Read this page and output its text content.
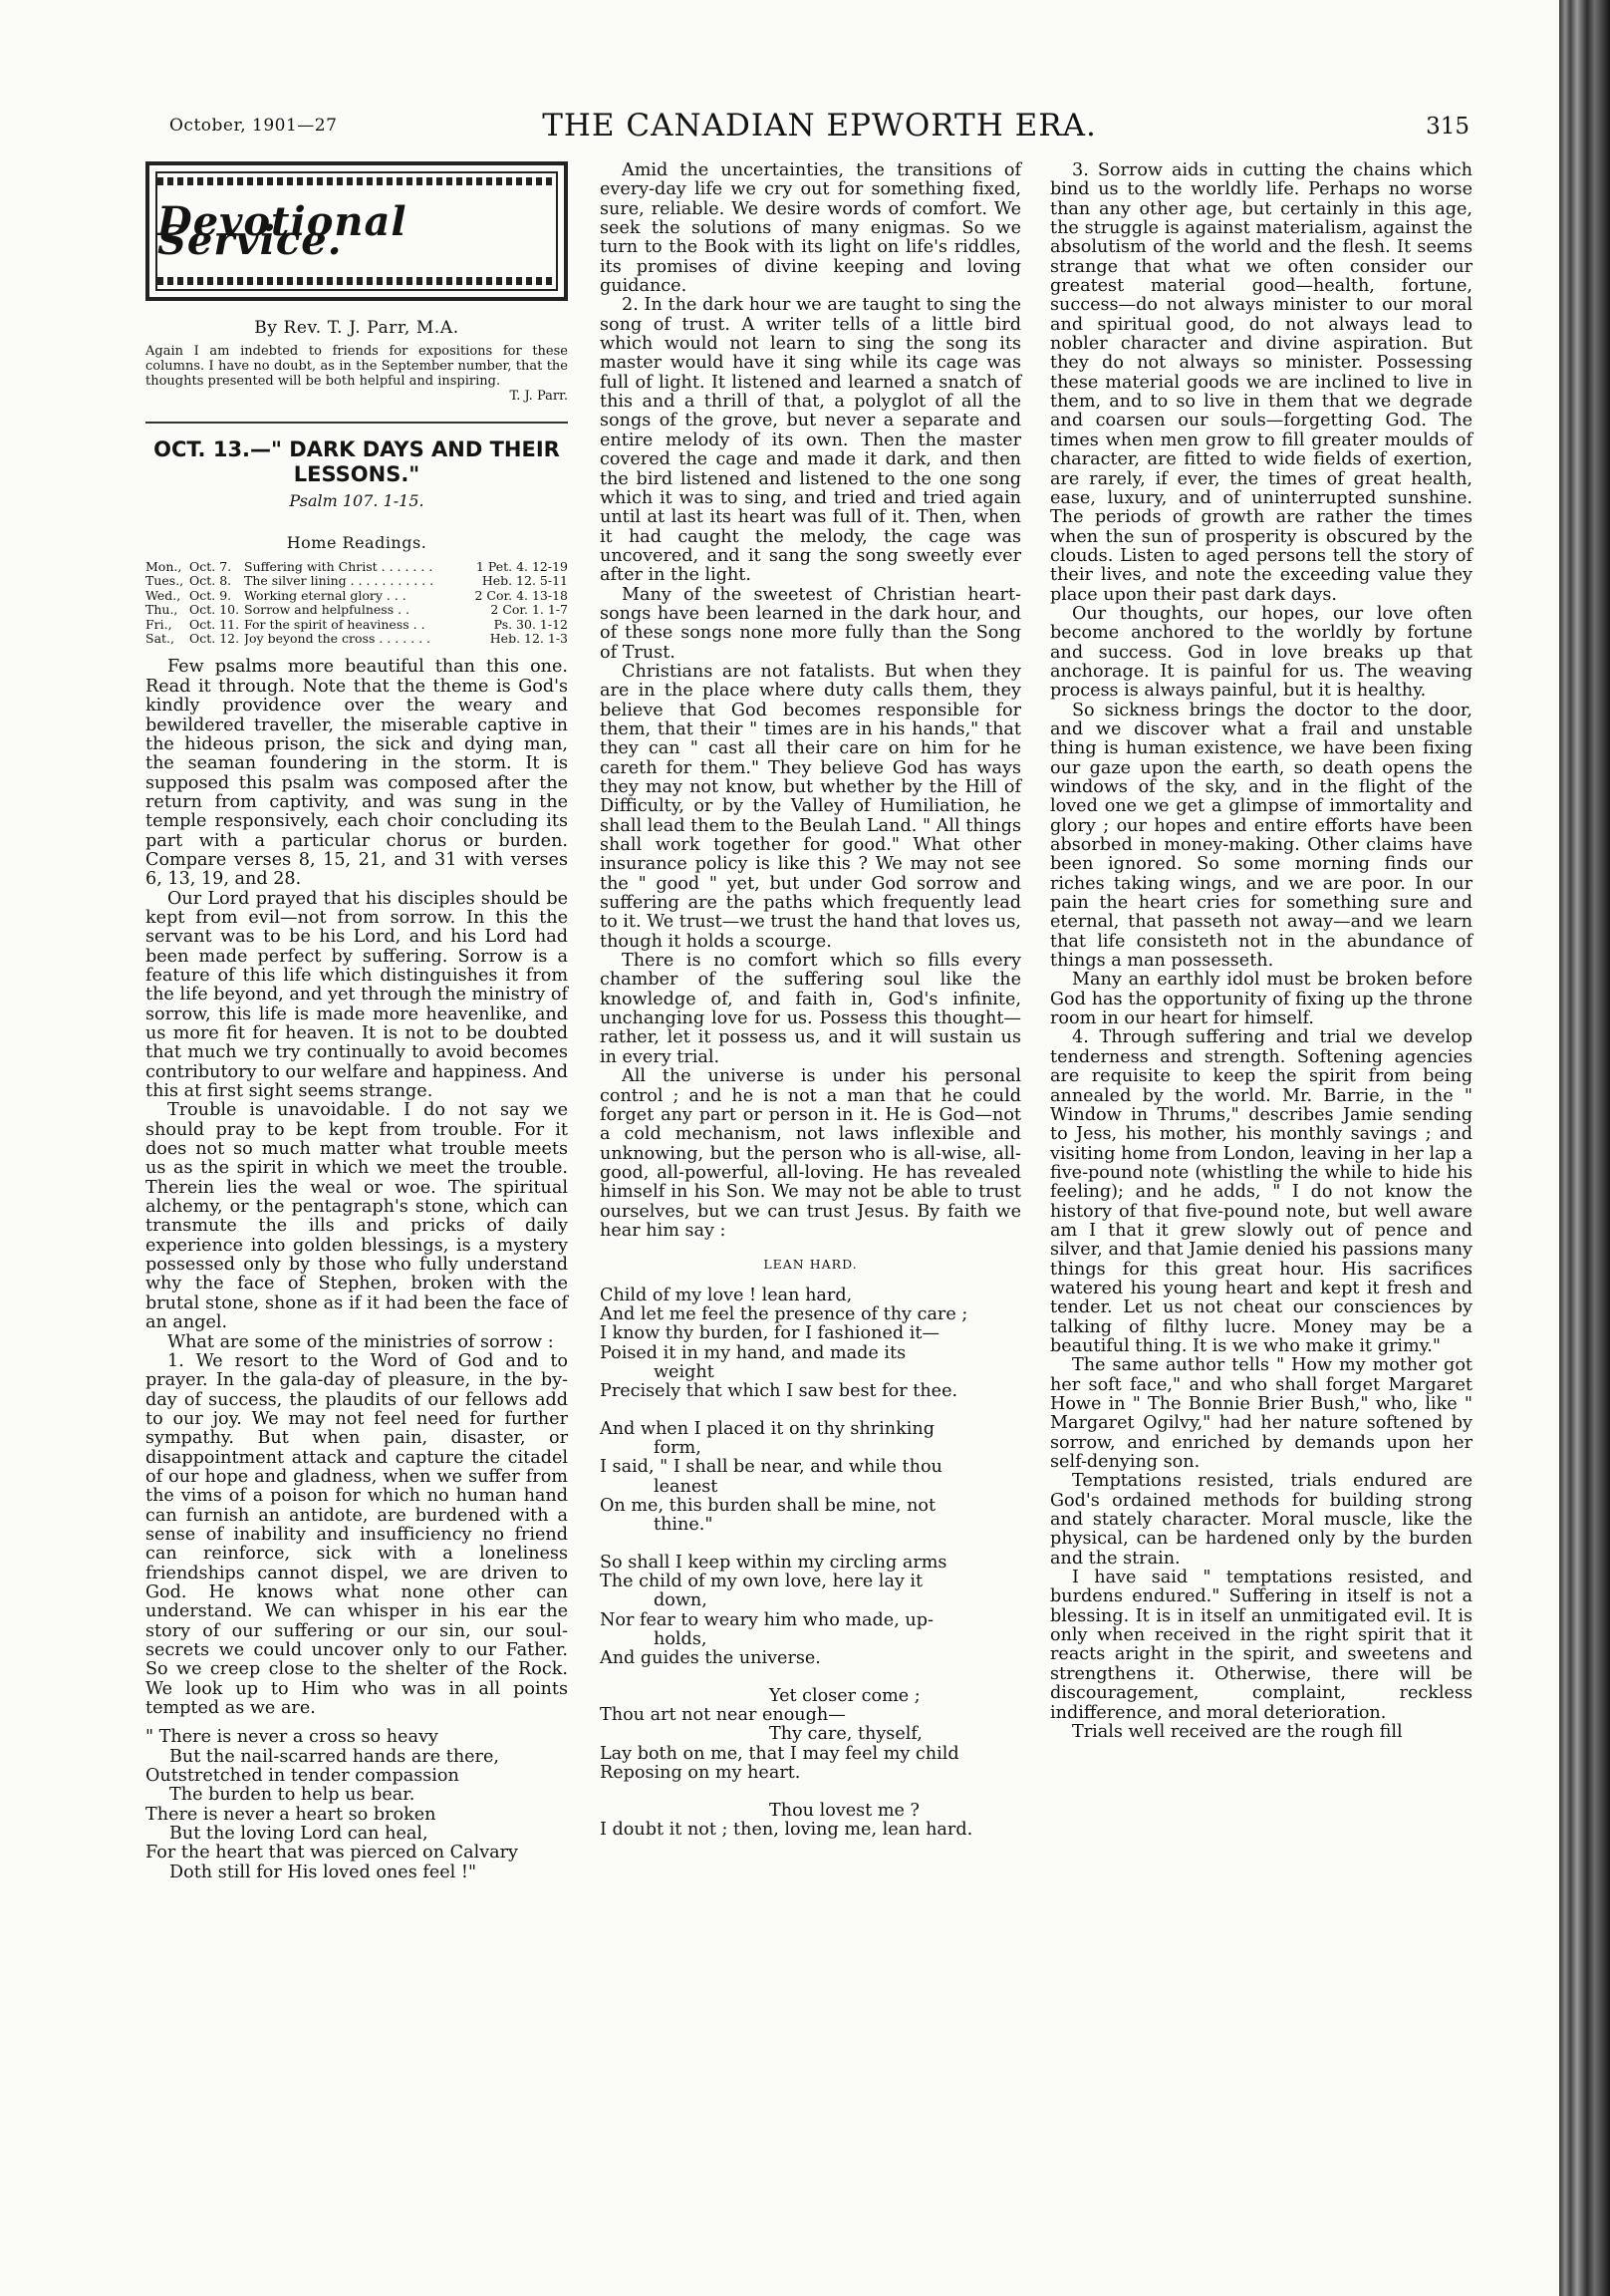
October, 1901—27	THE CANADIAN EPWORTH ERA.	315
Devotional Service.
By Rev. T. J. Parr, M.A.
Again I am indebted to friends for expositions for these columns. I have no doubt, as in the September number, that the thoughts presented will be both helpful and inspiring.
T. J. Parr.
OCT. 13.—" DARK DAYS AND THEIR LESSONS."
Psalm 107. 1-15.
Home Readings.
Mon., Oct. 7.	Suffering with Christ . . . . . . .	1 Pet. 4. 12-19
Tues., Oct. 8.	The silver lining . . . . . . . . . . .	Heb. 12. 5-11
Wed., Oct. 9.	Working eternal glory . . .	2 Cor. 4. 13-18
Thu., Oct. 10. Sorrow and helpfulness . .	2 Cor. 1. 1-7
Fri.,	Oct. 11. For the spirit of heaviness . .	Ps. 30. 1-12
Sat.,	Oct. 12. Joy beyond the cross . . . . . . .	Heb. 12. 1-3

Few psalms more beautiful than this one. Read it through. Note that the theme is God's kindly providence over the weary and bewildered traveller, the miserable captive in the hideous prison, the sick and dying man, the seaman foundering in the storm. It is supposed this psalm was composed after the return from captivity, and was sung in the temple responsively, each choir concluding its part with a particular chorus or burden. Compare verses 8, 15, 21, and 31 with verses 6, 13, 19, and 28.

Our Lord prayed that his disciples should be kept from evil—not from sorrow. In this the servant was to be his Lord, and his Lord had been made perfect by suffering. Sorrow is a feature of this life which distinguishes it from the life beyond, and yet through the ministry of sorrow, this life is made more heavenlike, and us more fit for heaven. It is not to be doubted that much we try continually to avoid becomes contributory to our welfare and happiness. And this at first sight seems strange.

Trouble is unavoidable. I do not say we should pray to be kept from trouble. For it does not so much matter what trouble meets us as the spirit in which we meet the trouble. Therein lies the weal or woe. The spiritual alchemy, or the pentagraph's stone, which can transmute the ills and pricks of daily experience into golden blessings, is a mystery possessed only by those who fully understand why the face of Stephen, broken with the brutal stone, shone as if it had been the face of an angel.

What are some of the ministries of sorrow :

1. We resort to the Word of God and to prayer. In the gala-day of pleasure, in the by-day of success, the plaudits of our fellows add to our joy. We may not feel need for further sympathy. But when pain, disaster, or disappointment attack and capture the citadel of our hope and gladness, when we suffer from the vims of a poison for which no human hand can furnish an antidote, are burdened with a sense of inability and insufficiency no friend can reinforce, sick with a loneliness friendships cannot dispel, we are driven to God. He knows what none other can understand. We can whisper in his ear the story of our suffering or our sin, our soul-secrets we could uncover only to our Father. So we creep close to the shelter of the Rock. We look up to Him who was in all points tempted as we are.

" There is never a cross so heavy
But the nail-scarred hands are there,
Outstretched in tender compassion
The burden to help us bear.
There is never a heart so broken
But the loving Lord can heal,
For the heart that was pierced on Calvary
Doth still for His loved ones feel !"

Amid the uncertainties, the transitions of every-day life we cry out for something fixed, sure, reliable. We desire words of comfort. We seek the solutions of many enigmas. So we turn to the Book with its light on life's riddles, its promises of divine keeping and loving guidance.

2. In the dark hour we are taught to sing the song of trust. A writer tells of a little bird which would not learn to sing the song its master would have it sing while its cage was full of light. It listened and learned a snatch of this and a thrill of that, a polyglot of all the songs of the grove, but never a separate and entire melody of its own. Then the master covered the cage and made it dark, and then the bird listened and listened to the one song which it was to sing, and tried and tried again until at last its heart was full of it. Then, when it had caught the melody, the cage was uncovered, and it sang the song sweetly ever after in the light.

Many of the sweetest of Christian heart-songs have been learned in the dark hour, and of these songs none more fully than the Song of Trust.

Christians are not fatalists. But when they are in the place where duty calls them, they believe that God becomes responsible for them, that their " times are in his hands," that they can " cast all their care on him for he careth for them." They believe God has ways they may not know, but whether by the Hill of Difficulty, or by the Valley of Humiliation, he shall lead them to the Beulah Land. " All things shall work together for good." What other insurance policy is like this ? We may not see the " good " yet, but under God sorrow and suffering are the paths which frequently lead to it. We trust—we trust the hand that loves us, though it holds a scourge.

There is no comfort which so fills every chamber of the suffering soul like the knowledge of, and faith in, God's infinite, unchanging love for us. Possess this thought—rather, let it possess us, and it will sustain us in every trial.

All the universe is under his personal control ; and he is not a man that he could forget any part or person in it. He is God—not a cold mechanism, not laws inflexible and unknowing, but the person who is all-wise, all-good, all-powerful, all-loving. He has revealed himself in his Son. We may not be able to trust ourselves, but we can trust Jesus. By faith we hear him say :

LEAN HARD.
Child of my love ! lean hard,
And let me feel the presence of thy care ;
I know thy burden, for I fashioned it—
Poised it in my hand, and made its
weight
Precisely that which I saw best for thee.
And when I placed it on thy shrinking
form,
I said, " I shall be near, and while thou
leanest
On me, this burden shall be mine, not
thine."
So shall I keep within my circling arms
The child of my own love, here lay it
down,
Nor fear to weary him who made, up-
holds,
And guides the universe.
Yet closer come ;
Thou art not near enough—
Thy care, thyself,
Lay both on me, that I may feel my child
Reposing on my heart.
Thou lovest me ?
I doubt it not ; then, loving me, lean hard.

3. Sorrow aids in cutting the chains which bind us to the worldly life. Perhaps no worse than any other age, but certainly in this age, the struggle is against materialism, against the absolutism of the world and the flesh. It seems strange that what we often consider our greatest material good—health, fortune, success—do not always minister to our moral and spiritual good, do not always lead to nobler character and divine aspiration. But they do not always so minister. Possessing these material goods we are inclined to live in them, and to so live in them that we degrade and coarsen our souls—forgetting God. The times when men grow to fill greater moulds of character, are fitted to wide fields of exertion, are rarely, if ever, the times of great health, ease, luxury, and of uninterrupted sunshine. The periods of growth are rather the times when the sun of prosperity is obscured by the clouds. Listen to aged persons tell the story of their lives, and note the exceeding value they place upon their past dark days.

Our thoughts, our hopes, our love often become anchored to the worldly by fortune and success. God in love breaks up that anchorage. It is painful for us. The weaving process is always painful, but it is healthy.

So sickness brings the doctor to the door, and we discover what a frail and unstable thing is human existence, we have been fixing our gaze upon the earth, so death opens the windows of the sky, and in the flight of the loved one we get a glimpse of immortality and glory ; our hopes and entire efforts have been absorbed in money-making. Other claims have been ignored. So some morning finds our riches taking wings, and we are poor. In our pain the heart cries for something sure and eternal, that passeth not away—and we learn that life consisteth not in the abundance of things a man possesseth.

Many an earthly idol must be broken before God has the opportunity of fixing up the throne room in our heart for himself.

4. Through suffering and trial we develop tenderness and strength. Softening agencies are requisite to keep the spirit from being annealed by the world. Mr. Barrie, in the " Window in Thrums," describes Jamie sending to Jess, his mother, his monthly savings ; and visiting home from London, leaving in her lap a five-pound note (whistling the while to hide his feeling); and he adds, " I do not know the history of that five-pound note, but well aware am I that it grew slowly out of pence and silver, and that Jamie denied his passions many things for this great hour. His sacrifices watered his young heart and kept it fresh and tender. Let us not cheat our consciences by talking of filthy lucre. Money may be a beautiful thing. It is we who make it grimy."

The same author tells " How my mother got her soft face," and who shall forget Margaret Howe in " The Bonnie Brier Bush," who, like " Margaret Ogilvy," had her nature softened by sorrow, and enriched by demands upon her self-denying son.

Temptations resisted, trials endured are God's ordained methods for building strong and stately character. Moral muscle, like the physical, can be hardened only by the burden and the strain.

I have said " temptations resisted, and burdens endured." Suffering in itself is not a blessing. It is in itself an unmitigated evil. It is only when received in the right spirit that it reacts aright in the spirit, and sweetens and strengthens it. Otherwise, there will be discouragement, complaint, reckless indifference, and moral deterioration.

Trials well received are the rough fill
